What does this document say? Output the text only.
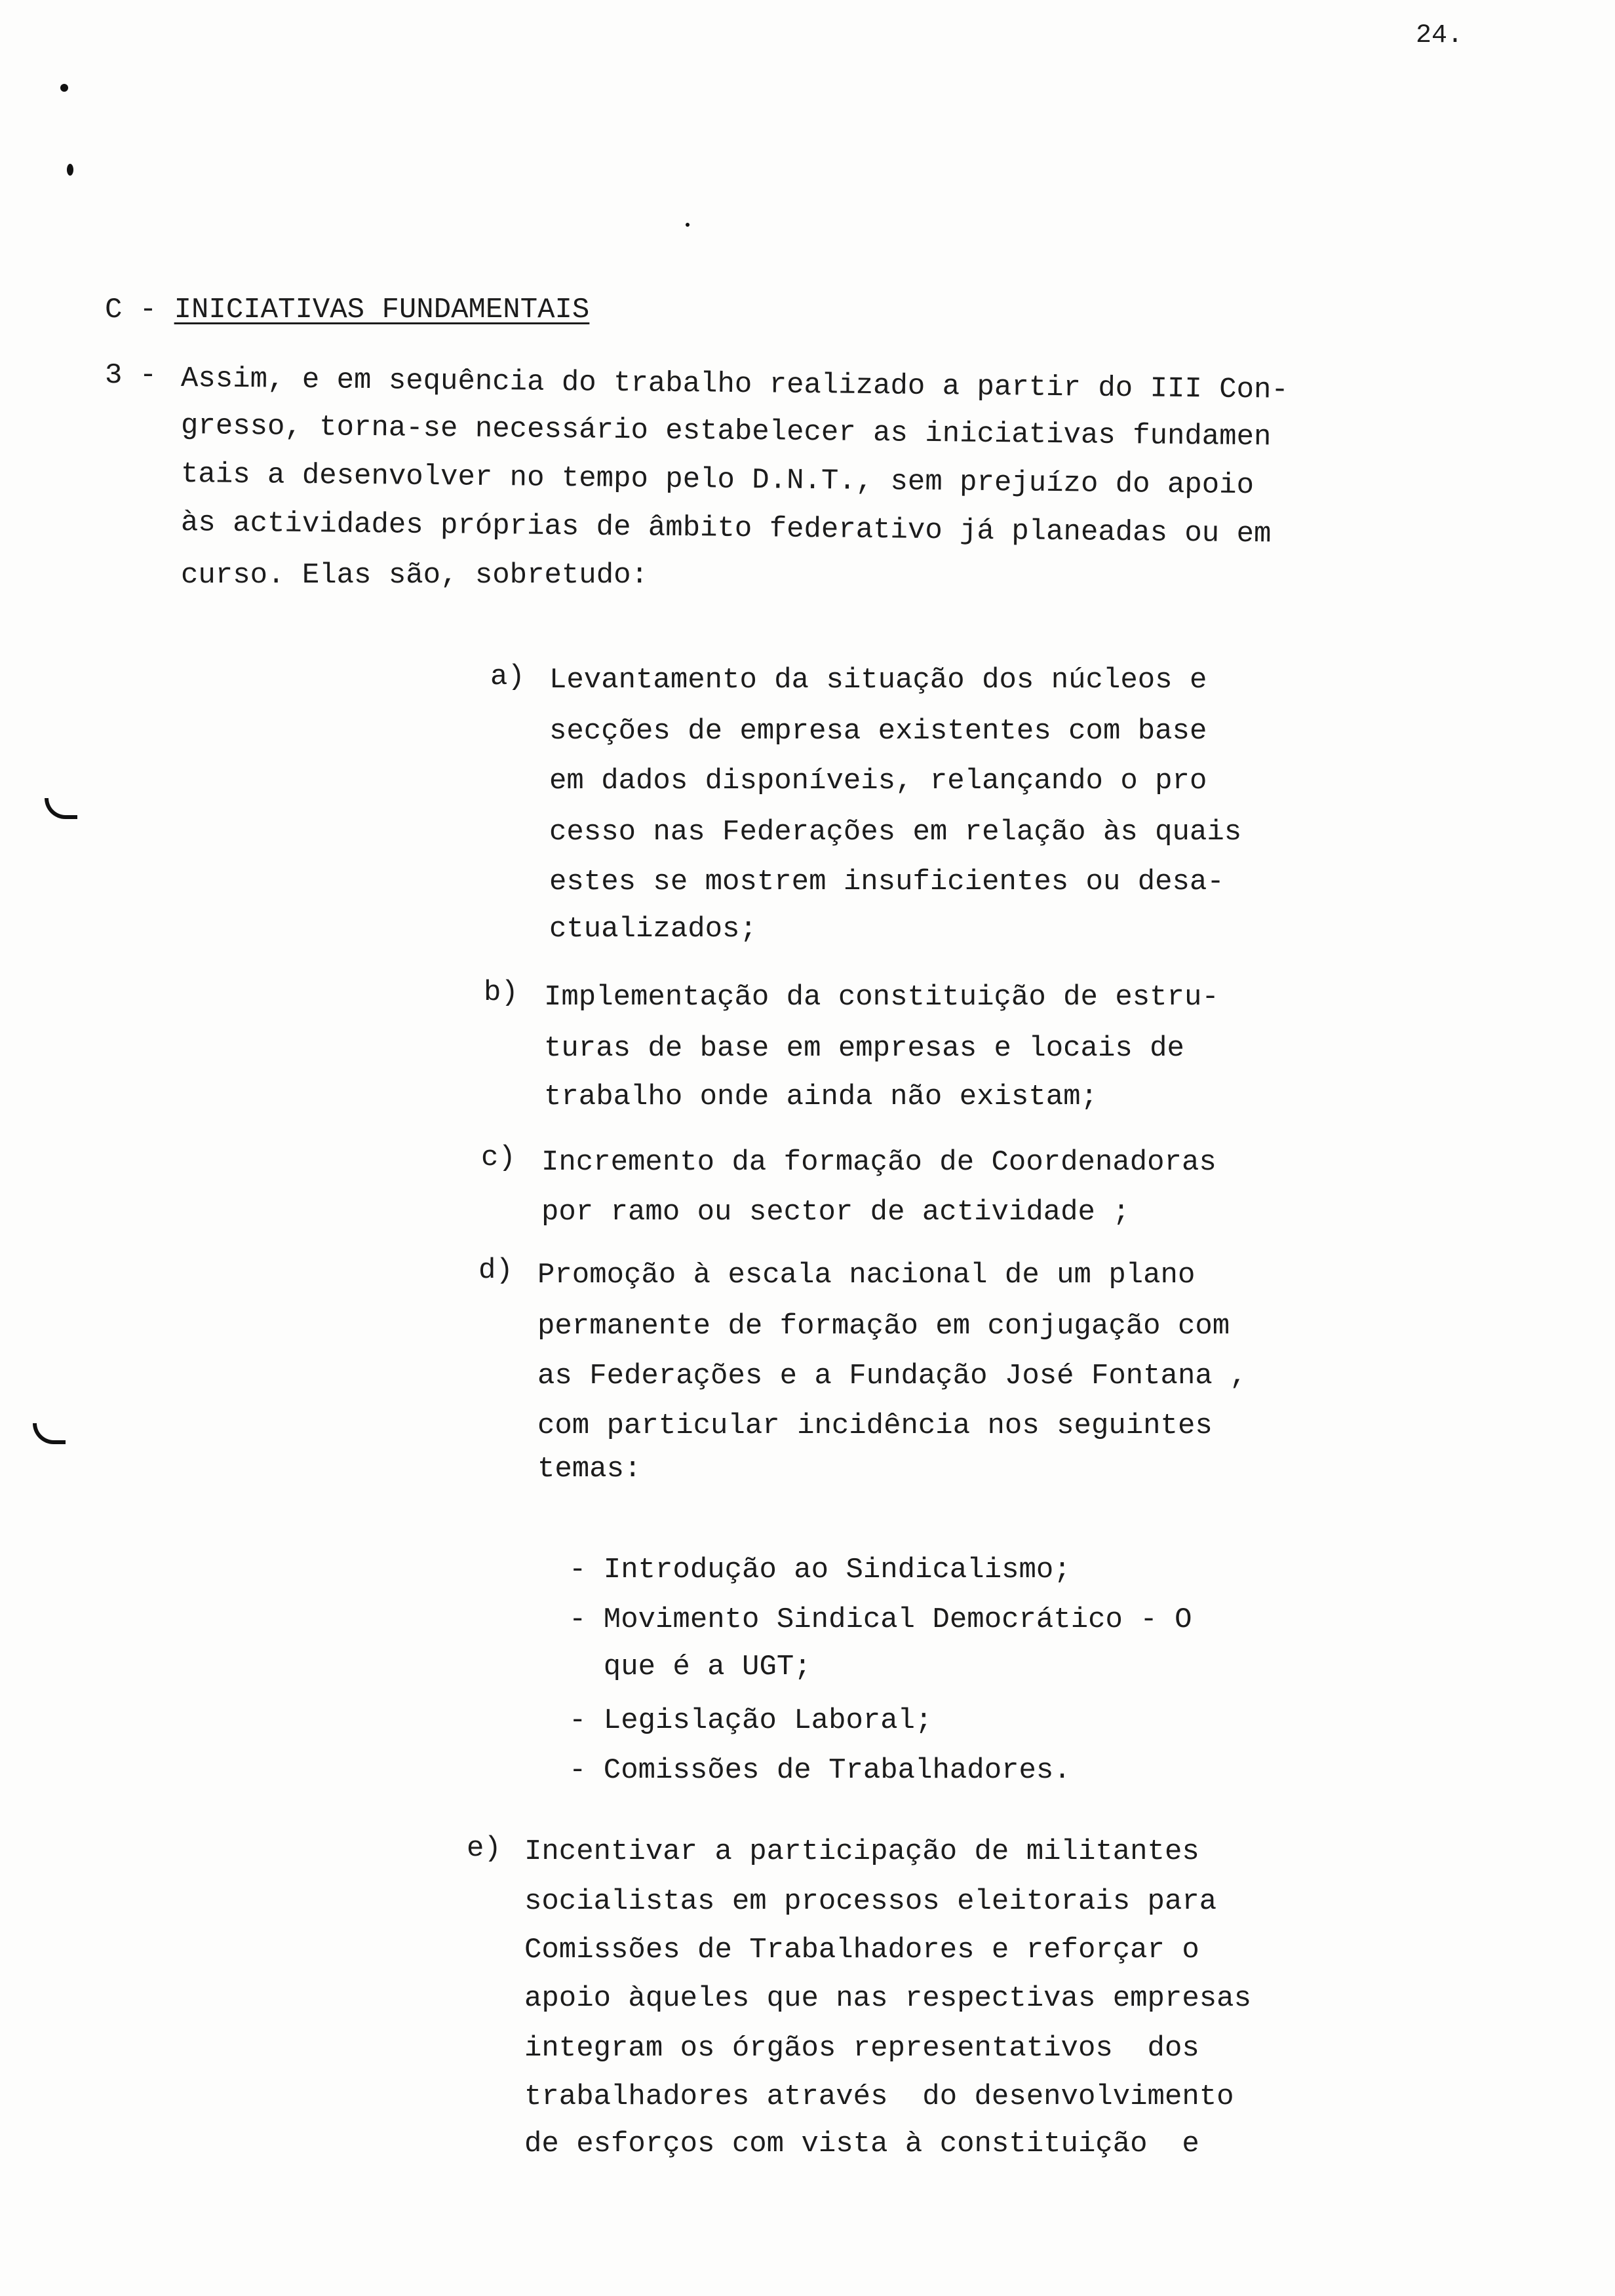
24.
C - INICIATIVAS FUNDAMENTAIS
3 - Assim, e em sequência do trabalho realizado a partir do III Con-
gresso, torna-se necessário estabelecer as iniciativas fundamen
tais a desenvolver no tempo pelo D.N.T., sem prejuízo do apoio
às actividades próprias de âmbito federativo já planeadas ou em
curso. Elas são, sobretudo:
a) Levantamento da situação dos núcleos e
secções de empresa existentes com base
em dados disponíveis, relançando o pro
cesso nas Federações em relação às quais
estes se mostrem insuficientes ou desa-
ctualizados;
b) Implementação da constituição de estru-
turas de base em empresas e locais de
trabalho onde ainda não existam;
c) Incremento da formação de Coordenadoras
por ramo ou sector de actividade ;
d) Promoção à escala nacional de um plano
permanente de formação em conjugação com
as Federações e a Fundação José Fontana ,
com particular incidência nos seguintes
temas:
- Introdução ao Sindicalismo;
- Movimento Sindical Democrático - O
que é a UGT;
- Legislação Laboral;
- Comissões de Trabalhadores.
e) Incentivar a participação de militantes
socialistas em processos eleitorais para
Comissões de Trabalhadores e reforçar o
apoio àqueles que nas respectivas empresas
integram os órgãos representativos  dos
trabalhadores através  do desenvolvimento
de esforços com vista à constituição  e
